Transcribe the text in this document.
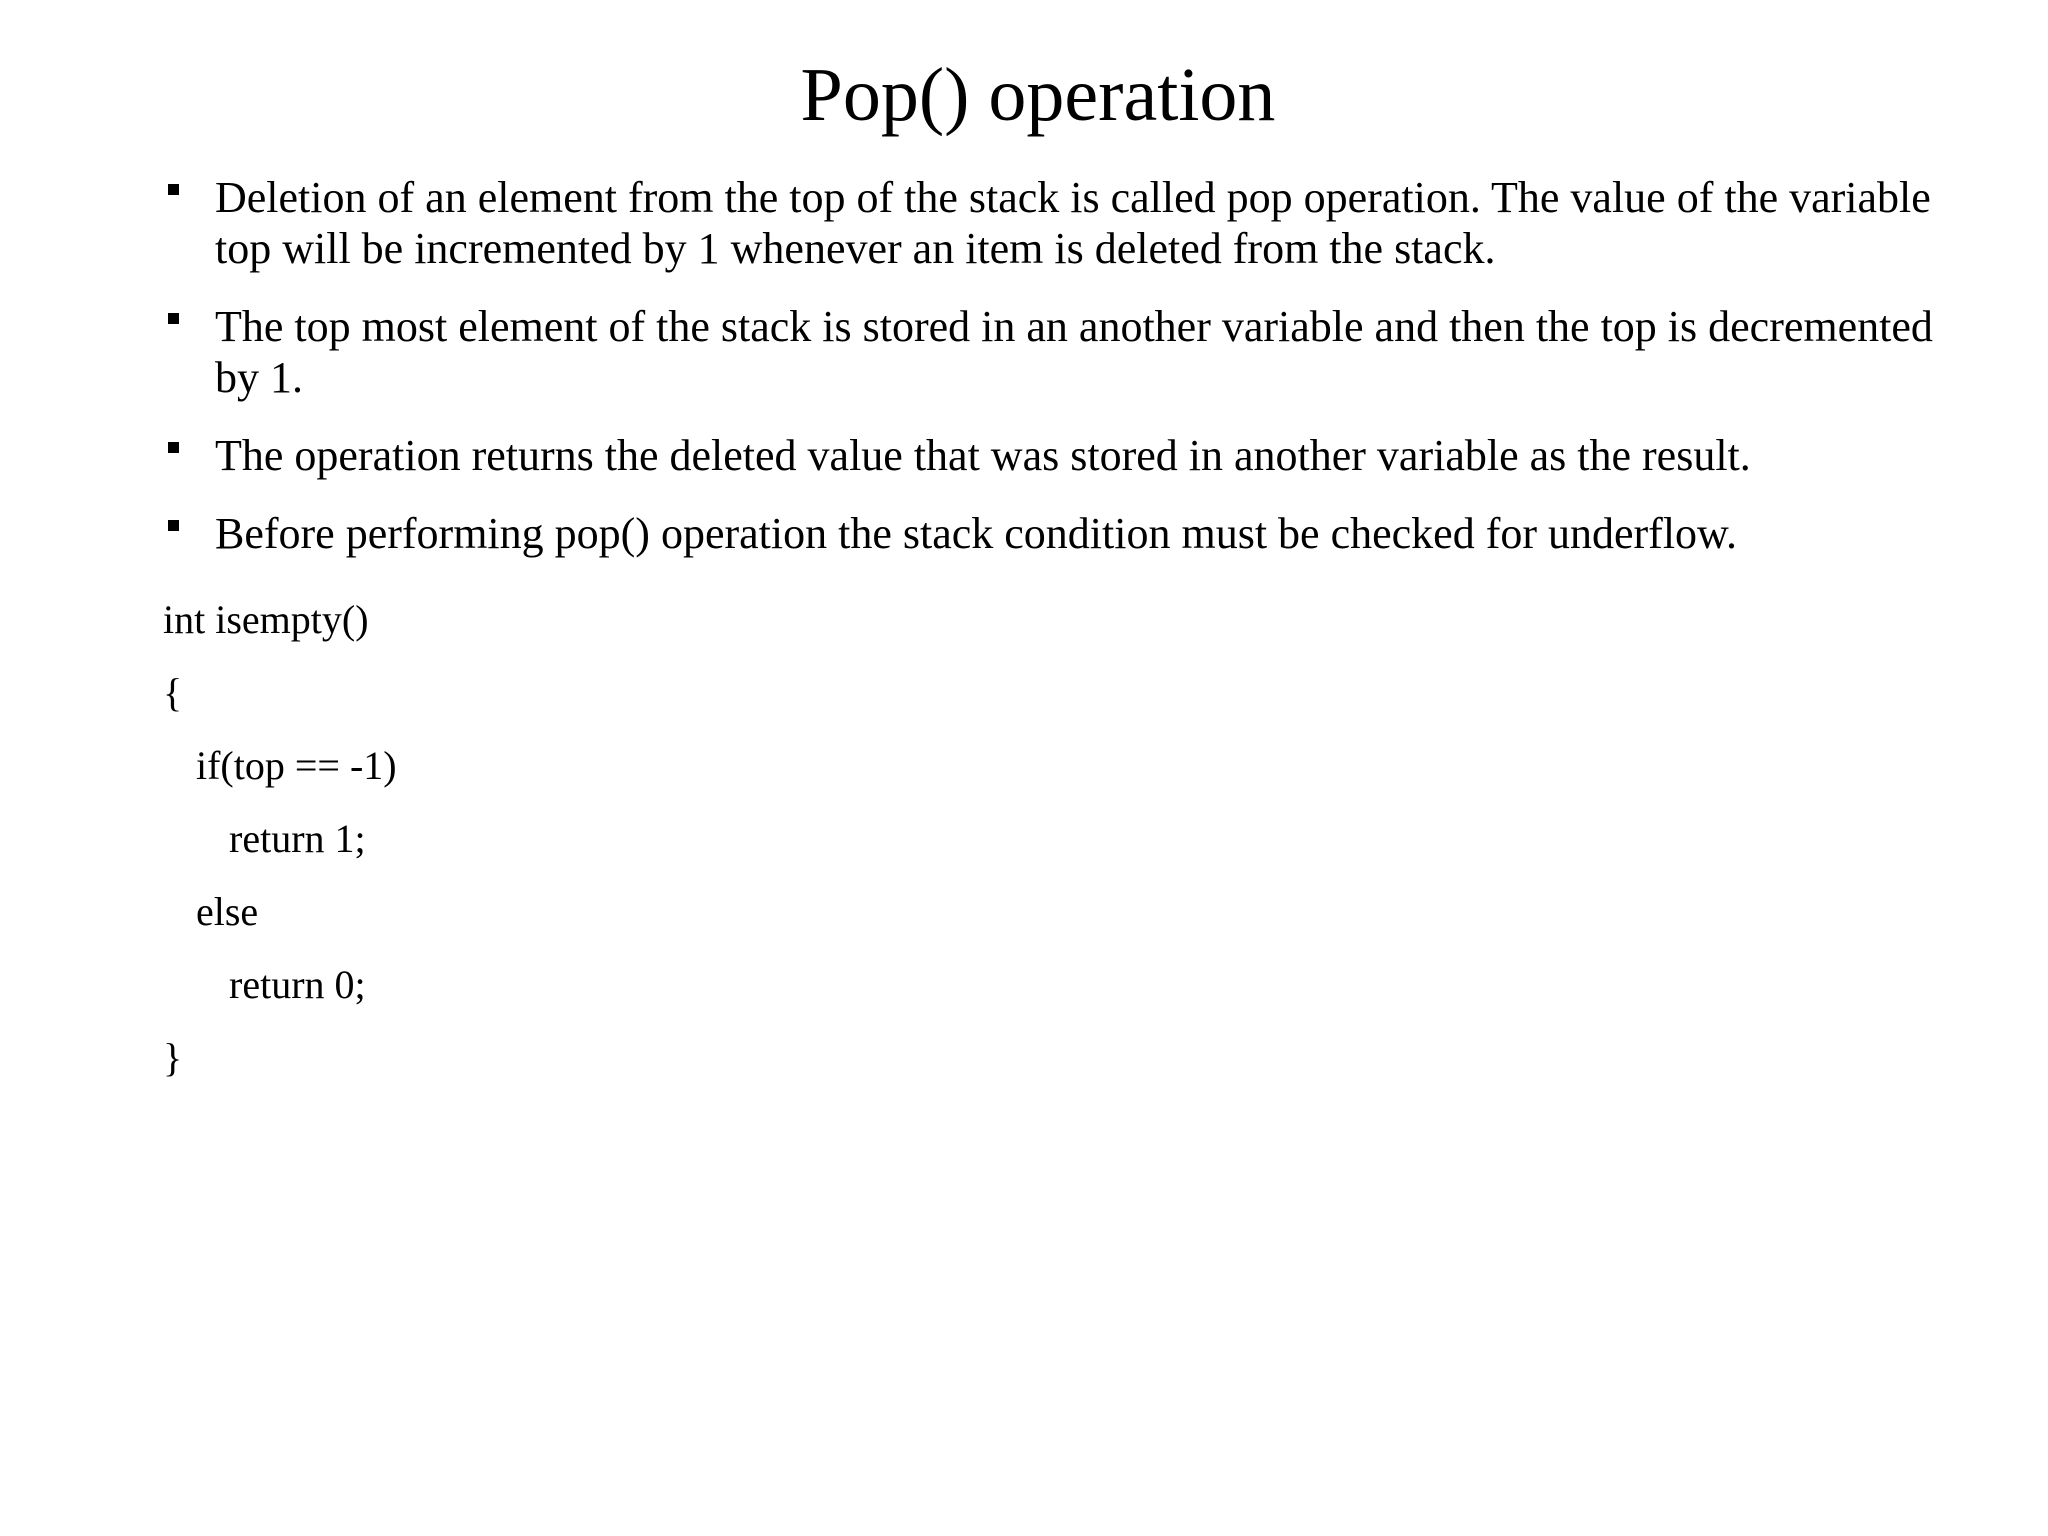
Pop() operation
Deletion of an element from the top of the stack is called pop operation. The value of the variable top will be incremented by 1 whenever an item is deleted from the stack.
The top most element of the stack is stored in an another variable and then the top is decremented by 1.
The operation returns the deleted value that was stored in another variable as the result.
Before performing pop() operation the stack condition must be checked for underflow.
int isempty()
{
if(top == -1)
return 1;
else
return 0;
}
